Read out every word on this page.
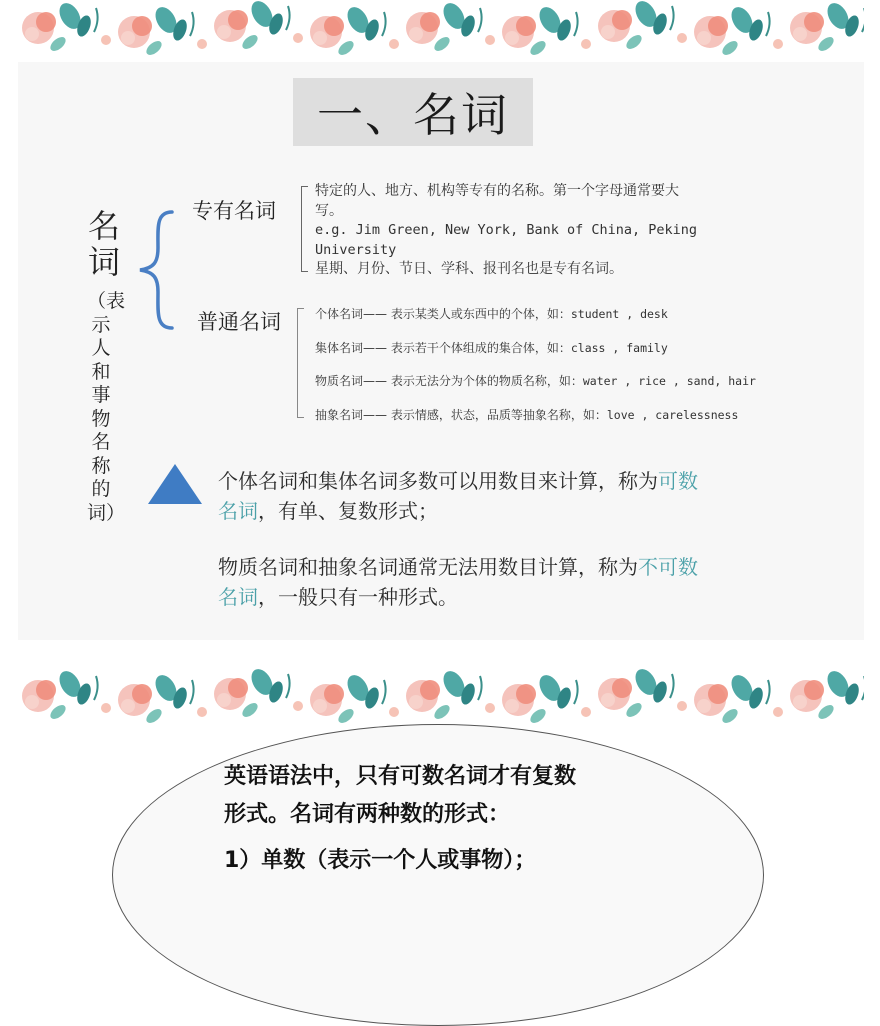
一、名词
名词
（表示人和事物名称的词）
专有名词
特定的人、地方、机构等专有的名称。第一个字母通常要大
写。
e.g. Jim Green, New York, Bank of China, Peking
University
星期、月份、节日、学科、报刊名也是专有名词。
普通名词	个体名词—— 表示某类人或东西中的个体，如：student , desk
集体名词—— 表示若干个体组成的集合体，如：class , family
物质名词—— 表示无法分为个体的物质名称，如：water , rice , sand, hair
抽象名词—— 表示情感，状态，品质等抽象名称，如：love , carelessness
个体名词和集体名词多数可以用数目来计算，称为可数
名词，有单、复数形式；
物质名词和抽象名词通常无法用数目计算，称为不可数
名词，一般只有一种形式。
英语语法中，只有可数名词才有复数
形式。名词有两种数的形式：
1）单数（表示一个人或事物）；
